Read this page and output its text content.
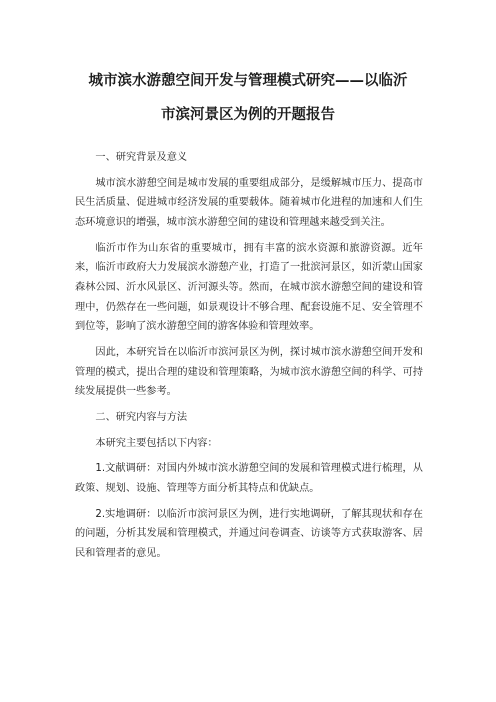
城市滨水游憩空间开发与管理模式研究——以临沂
市滨河景区为例的开题报告

一、研究背景及意义

城市滨水游憩空间是城市发展的重要组成部分，是缓解城市压力、提高市民生活质量、促进城市经济发展的重要载体。随着城市化进程的加速和人们生态环境意识的增强，城市滨水游憩空间的建设和管理越来越受到关注。

临沂市作为山东省的重要城市，拥有丰富的滨水资源和旅游资源。近年来，临沂市政府大力发展滨水游憩产业，打造了一批滨河景区，如沂蒙山国家森林公园、沂水风景区、沂河源头等。然而，在城市滨水游憩空间的建设和管理中，仍然存在一些问题，如景观设计不够合理、配套设施不足、安全管理不到位等，影响了滨水游憩空间的游客体验和管理效率。

因此，本研究旨在以临沂市滨河景区为例，探讨城市滨水游憩空间开发和管理的模式，提出合理的建设和管理策略，为城市滨水游憩空间的科学、可持续发展提供一些参考。

二、研究内容与方法

本研究主要包括以下内容：

1.文献调研：对国内外城市滨水游憩空间的发展和管理模式进行梳理，从政策、规划、设施、管理等方面分析其特点和优缺点。

2.实地调研：以临沂市滨河景区为例，进行实地调研，了解其现状和存在的问题，分析其发展和管理模式，并通过问卷调查、访谈等方式获取游客、居民和管理者的意见。
